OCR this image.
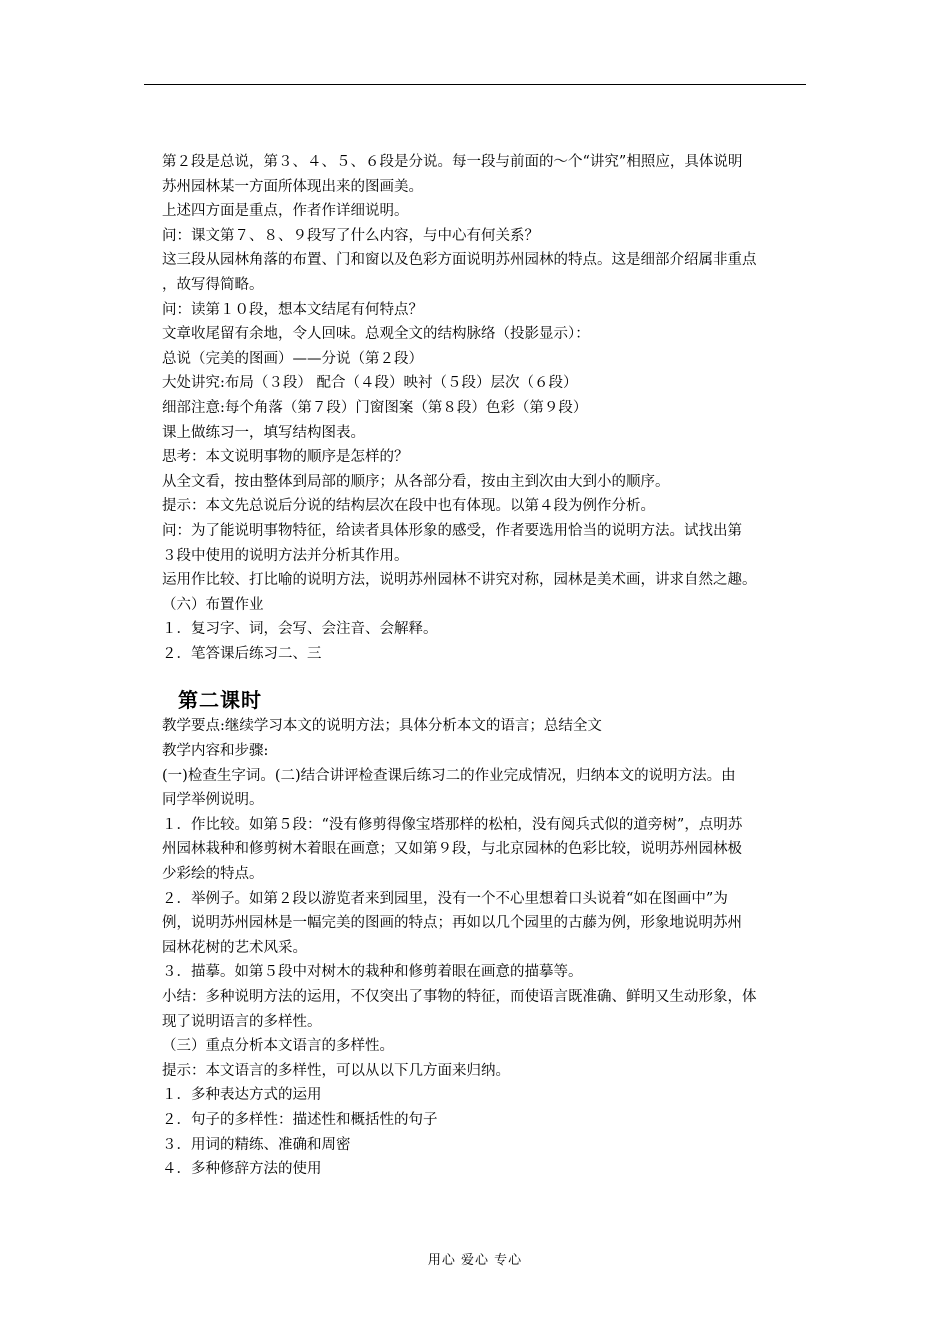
第２段是总说，第３、４、５、６段是分说。每一段与前面的～个“讲究”相照应，具体说明
苏州园林某一方面所体现出来的图画美。
上述四方面是重点，作者作详细说明。
问：课文第７、８、９段写了什么内容，与中心有何关系？
这三段从园林角落的布置、门和窗以及色彩方面说明苏州园林的特点。这是细部介绍属非重点
，故写得简略。
问：读第１０段，想本文结尾有何特点？
文章收尾留有余地，令人回味。总观全文的结构脉络（投影显示）：
总说（完美的图画）——分说（第２段）
大处讲究:布局（３段） 配合（４段）映衬（５段）层次（６段）
细部注意:每个角落（第７段）门窗图案（第８段）色彩（第９段）
课上做练习一，填写结构图表。
思考：本文说明事物的顺序是怎样的？
从全文看，按由整体到局部的顺序；从各部分看，按由主到次由大到小的顺序。
提示：本文先总说后分说的结构层次在段中也有体现。以第４段为例作分析。
问：为了能说明事物特征，给读者具体形象的感受，作者要选用恰当的说明方法。试找出第
３段中使用的说明方法并分析其作用。
运用作比较、打比喻的说明方法，说明苏州园林不讲究对称，园林是美术画，讲求自然之趣。
（六）布置作业
１．复习字、词，会写、会注音、会解释。
２．笔答课后练习二、三
第二课时
教学要点:继续学习本文的说明方法；具体分析本文的语言；总结全文
教学内容和步骤:
(一)检查生字词。(二)结合讲评检查课后练习二的作业完成情况，归纳本文的说明方法。由
同学举例说明。
１．作比较。如第５段：“没有修剪得像宝塔那样的松柏，没有阅兵式似的道旁树”，点明苏
州园林栽种和修剪树木着眼在画意；又如第９段，与北京园林的色彩比较，说明苏州园林极
少彩绘的特点。
２．举例子。如第２段以游览者来到园里，没有一个不心里想着口头说着“如在图画中”为
例，说明苏州园林是一幅完美的图画的特点；再如以几个园里的古藤为例，形象地说明苏州
园林花树的艺术风采。
３．描摹。如第５段中对树木的栽种和修剪着眼在画意的描摹等。
小结：多种说明方法的运用，不仅突出了事物的特征，而使语言既准确、鲜明又生动形象，体
现了说明语言的多样性。
（三）重点分析本文语言的多样性。
提示：本文语言的多样性，可以从以下几方面来归纳。
１．多种表达方式的运用
２．句子的多样性：描述性和概括性的句子
３．用词的精练、准确和周密
４．多种修辞方法的使用
用心 爱心 专心
